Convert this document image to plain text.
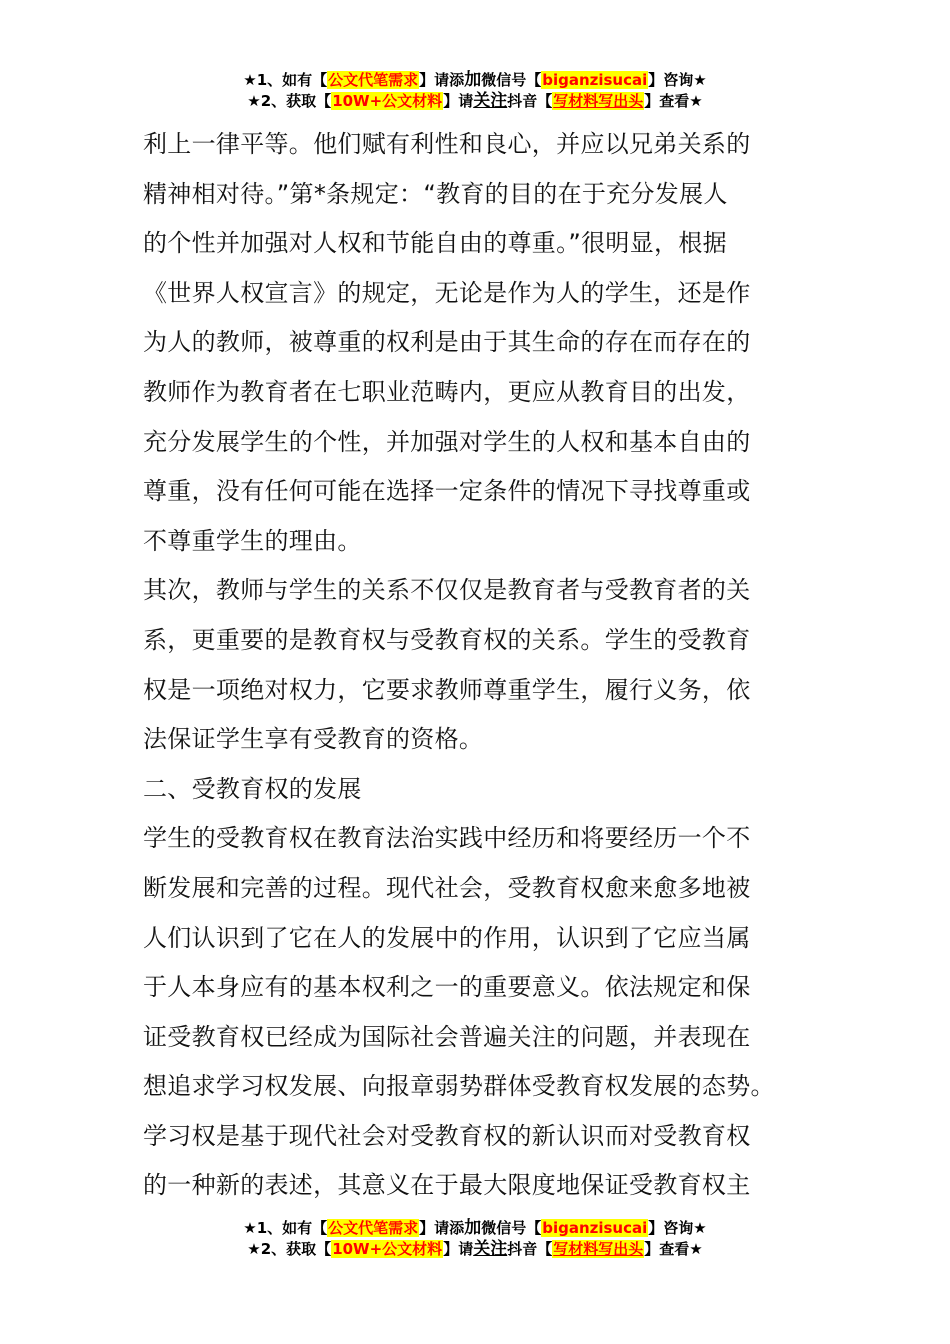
★1、如有【公文代笔需求】请添加微信号【biganzisucai】咨询★
★2、获取【10W+公文材料】请关注抖音【写材料写出头】查看★

利上一律平等。他们赋有利性和良心，并应以兄弟关系的

精神相对待。”第*条规定：“教育的目的在于充分发展人

的个性并加强对人权和节能自由的尊重。”很明显，根据

《世界人权宣言》的规定，无论是作为人的学生，还是作

为人的教师，被尊重的权利是由于其生命的存在而存在的

教师作为教育者在七职业范畴内，更应从教育目的出发，

充分发展学生的个性，并加强对学生的人权和基本自由的

尊重，没有任何可能在选择一定条件的情况下寻找尊重或

不尊重学生的理由。

其次，教师与学生的关系不仅仅是教育者与受教育者的关

系，更重要的是教育权与受教育权的关系。学生的受教育

权是一项绝对权力，它要求教师尊重学生，履行义务，依

法保证学生享有受教育的资格。

二、受教育权的发展

学生的受教育权在教育法治实践中经历和将要经历一个不

断发展和完善的过程。现代社会，受教育权愈来愈多地被

人们认识到了它在人的发展中的作用，认识到了它应当属

于人本身应有的基本权利之一的重要意义。依法规定和保

证受教育权已经成为国际社会普遍关注的问题，并表现在

想追求学习权发展、向报章弱势群体受教育权发展的态势。

学习权是基于现代社会对受教育权的新认识而对受教育权

的一种新的表述，其意义在于最大限度地保证受教育权主

★1、如有【公文代笔需求】请添加微信号【biganzisucai】咨询★
★2、获取【10W+公文材料】请关注抖音【写材料写出头】查看★
